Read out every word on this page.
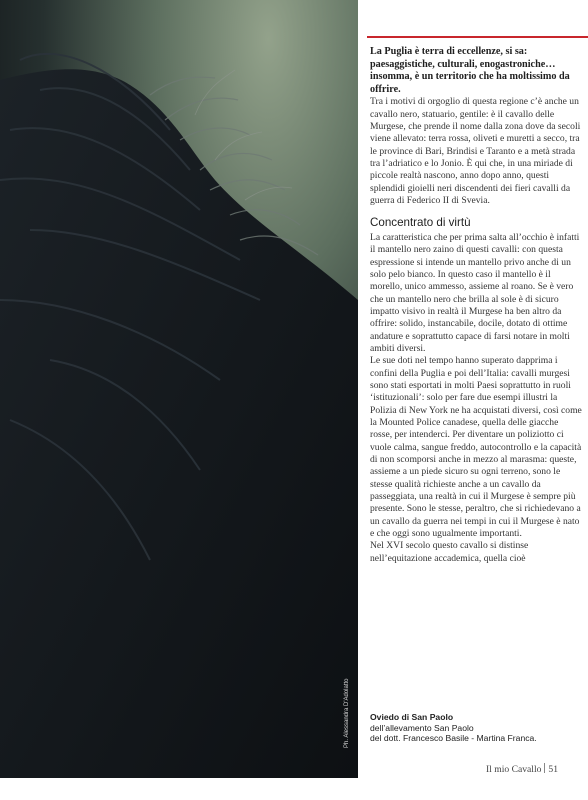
Ph. Alessandra D'Adolatto

La Puglia è terra di eccellenze, si sa: paesaggistiche, culturali, enogastroniche… insomma, è un territorio che ha moltissimo da offrire.

Tra i motivi di orgoglio di questa regione c’è anche un cavallo nero, statuario, gentile: è il cavallo delle Murgese, che prende il nome dalla zona dove da secoli viene allevato: terra rossa, oliveti e muretti a secco, tra le province di Bari, Brindisi e Taranto e a metà strada tra l’adriatico e lo Jonio. È qui che, in una miriade di piccole realtà nascono, anno dopo anno, questi splendidi gioielli neri discendenti dei fieri cavalli da guerra di Federico II di Svevia.

Concentrato di virtù

La caratteristica che per prima salta all’occhio è infatti il mantello nero zaino di questi cavalli: con questa espressione si intende un mantello privo anche di un solo pelo bianco. In questo caso il mantello è il morello, unico ammesso, assieme al roano. Se è vero che un mantello nero che brilla al sole è di sicuro impatto visivo in realtà il Murgese ha ben altro da offrire: solido, instancabile, docile, dotato di ottime andature e soprattutto capace di farsi notare in molti ambiti diversi.

Le sue doti nel tempo hanno superato dapprima i confini della Puglia e poi dell’Italia: cavalli murgesi sono stati esportati in molti Paesi soprattutto in ruoli ‘istituzionali’: solo per fare due esempi illustri la Polizia di New York ne ha acquistati diversi, così come la Mounted Police canadese, quella delle giacche rosse, per intenderci. Per diventare un poliziotto ci vuole calma, sangue freddo, autocontrollo e la capacità di non scomporsi anche in mezzo al marasma: queste, assieme a un piede sicuro su ogni terreno, sono le stesse qualità richieste anche a un cavallo da passeggiata, una realtà in cui il Murgese è sempre più presente. Sono le stesse, peraltro, che si richiedevano a un cavallo da guerra nei tempi in cui il Murgese è nato e che oggi sono ugualmente importanti.

Nel XVI secolo questo cavallo si distinse nell’equitazione accademica, quella cioè

Oviedo di San Paolo
dell’allevamento San Paolo
del dott. Francesco Basile - Martina Franca.
Il mio Cavallo 51
